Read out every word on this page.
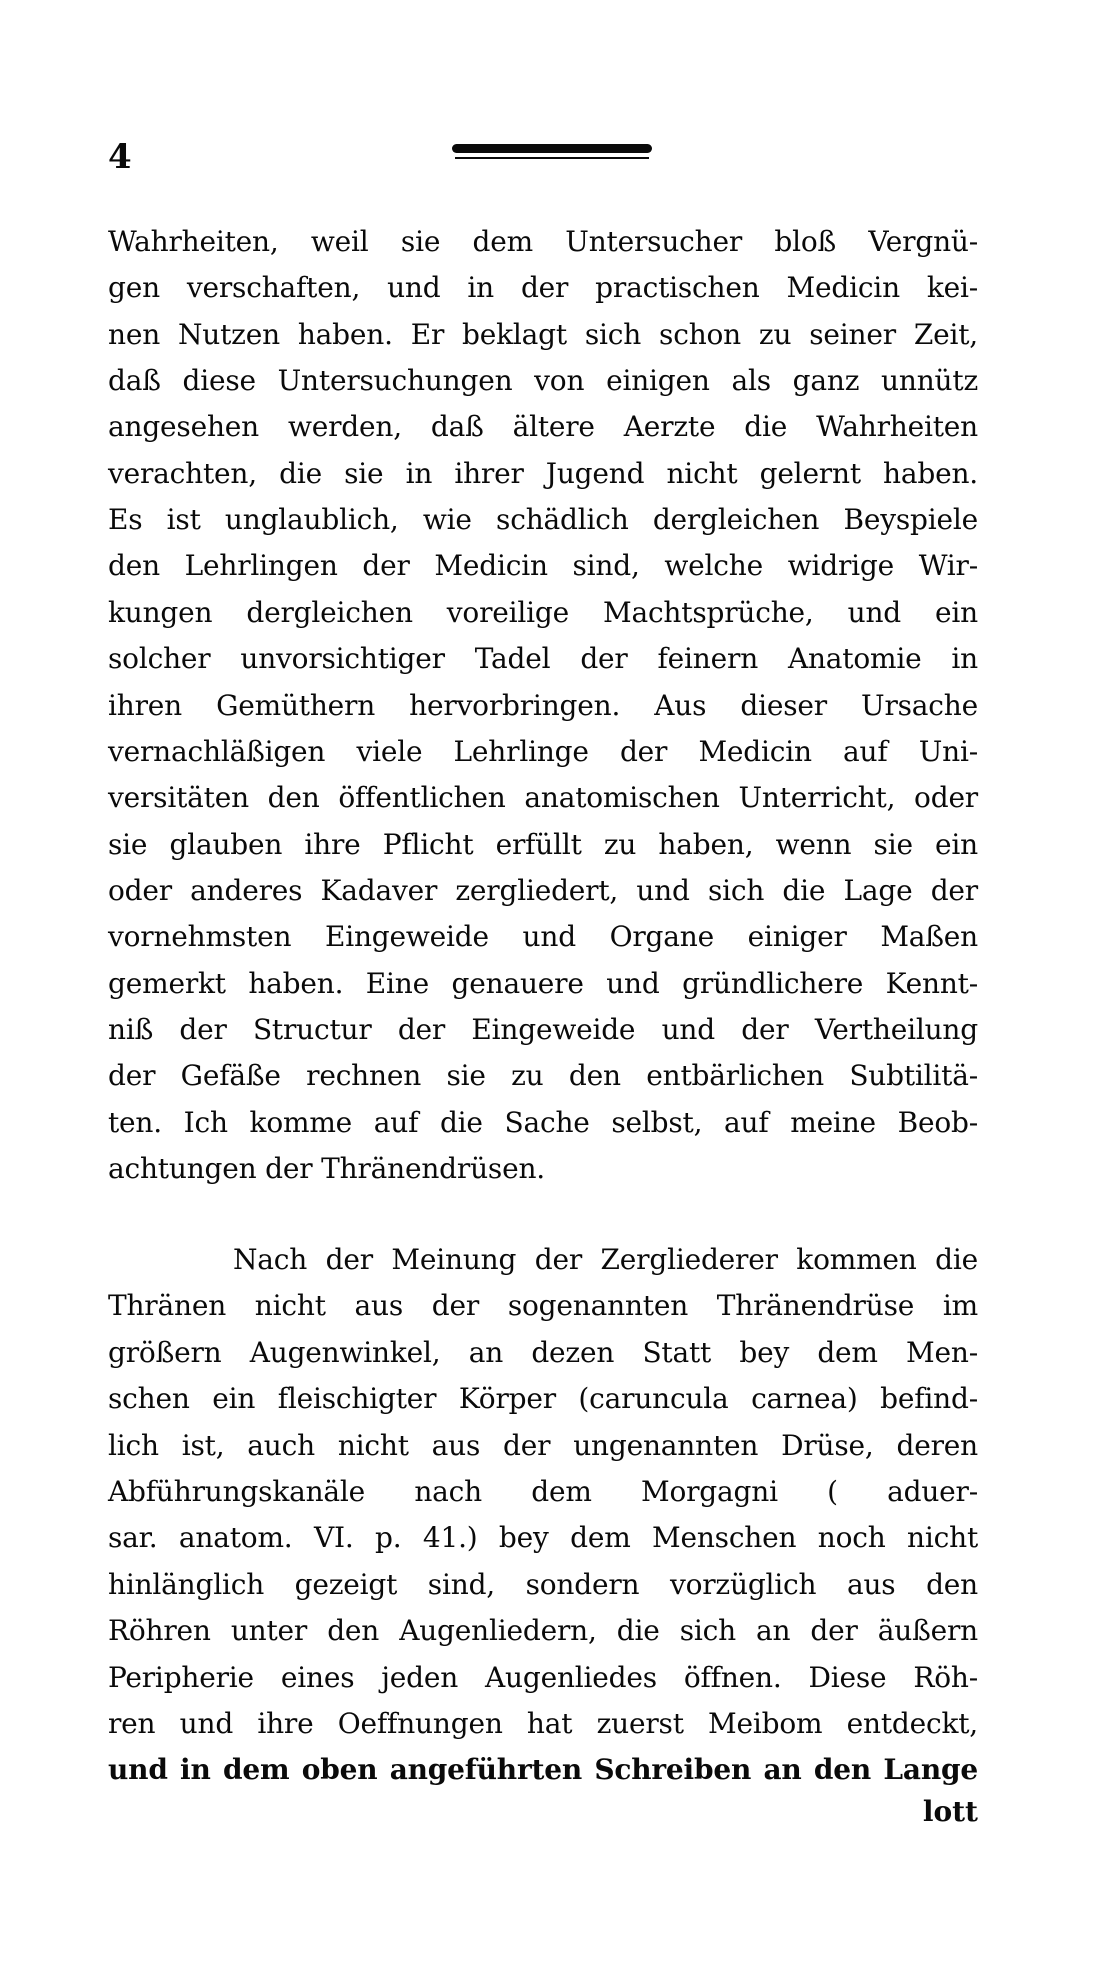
4
Wahrheiten, weil sie dem Untersucher bloß Vergnü-
gen verschaften, und in der practischen Medicin kei-
nen Nutzen haben. Er beklagt sich schon zu seiner Zeit,
daß diese Untersuchungen von einigen als ganz unnütz
angesehen werden, daß ältere Aerzte die Wahrheiten
verachten, die sie in ihrer Jugend nicht gelernt haben.
Es ist unglaublich, wie schädlich dergleichen Beyspiele
den Lehrlingen der Medicin sind, welche widrige Wir-
kungen dergleichen voreilige Machtsprüche, und ein
solcher unvorsichtiger Tadel der feinern Anatomie in
ihren Gemüthern hervorbringen. Aus dieser Ursache
vernachläßigen viele Lehrlinge der Medicin auf Uni-
versitäten den öffentlichen anatomischen Unterricht, oder
sie glauben ihre Pflicht erfüllt zu haben, wenn sie ein
oder anderes Kadaver zergliedert, und sich die Lage der
vornehmsten Eingeweide und Organe einiger Maßen
gemerkt haben. Eine genauere und gründlichere Kennt-
niß der Structur der Eingeweide und der Vertheilung
der Gefäße rechnen sie zu den entbärlichen Subtilitä-
ten. Ich komme auf die Sache selbst, auf meine Beob-
achtungen der Thränendrüsen.
Nach der Meinung der Zergliederer kommen die
Thränen nicht aus der sogenannten Thränendrüse im
größern Augenwinkel, an dezen Statt bey dem Men-
schen ein fleischigter Körper (caruncula carnea) befind-
lich ist, auch nicht aus der ungenannten Drüse, deren
Abführungskanäle nach dem Morgagni ( aduer-
sar. anatom. VI. p. 41.) bey dem Menschen noch nicht
hinlänglich gezeigt sind, sondern vorzüglich aus den
Röhren unter den Augenliedern, die sich an der äußern
Peripherie eines jeden Augenliedes öffnen. Diese Röh-
ren und ihre Oeffnungen hat zuerst Meibom entdeckt,
und in dem oben angeführten Schreiben an den Lange
lott
